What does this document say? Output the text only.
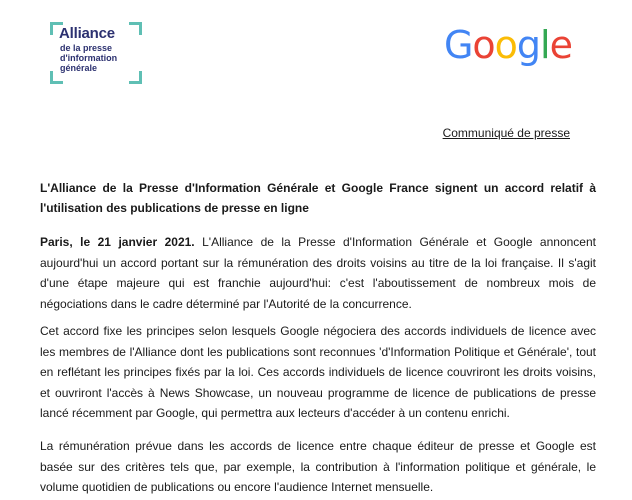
Alliance
de la presse
d'information
générale
Google
Communiqué de presse
L'Alliance de la Presse d'Information Générale et Google France signent un accord relatif à l'utilisation des publications de presse en ligne
Paris, le 21 janvier 2021. L'Alliance de la Presse d'Information Générale et Google annoncent aujourd'hui un accord portant sur la rémunération des droits voisins au titre de la loi française. Il s'agit d'une étape majeure qui est franchie aujourd'hui: c'est l'aboutissement de nombreux mois de négociations dans le cadre déterminé par l'Autorité de la concurrence.
Cet accord fixe les principes selon lesquels Google négociera des accords individuels de licence avec les membres de l'Alliance dont les publications sont reconnues 'd'Information Politique et Générale', tout en reflétant les principes fixés par la loi. Ces accords individuels de licence couvriront les droits voisins, et ouvriront l'accès à News Showcase, un nouveau programme de licence de publications de presse lancé récemment par Google, qui permettra aux lecteurs d'accéder à un contenu enrichi.
La rémunération prévue dans les accords de licence entre chaque éditeur de presse et Google est basée sur des critères tels que, par exemple, la contribution à l'information politique et générale, le volume quotidien de publications ou encore l'audience Internet mensuelle.
